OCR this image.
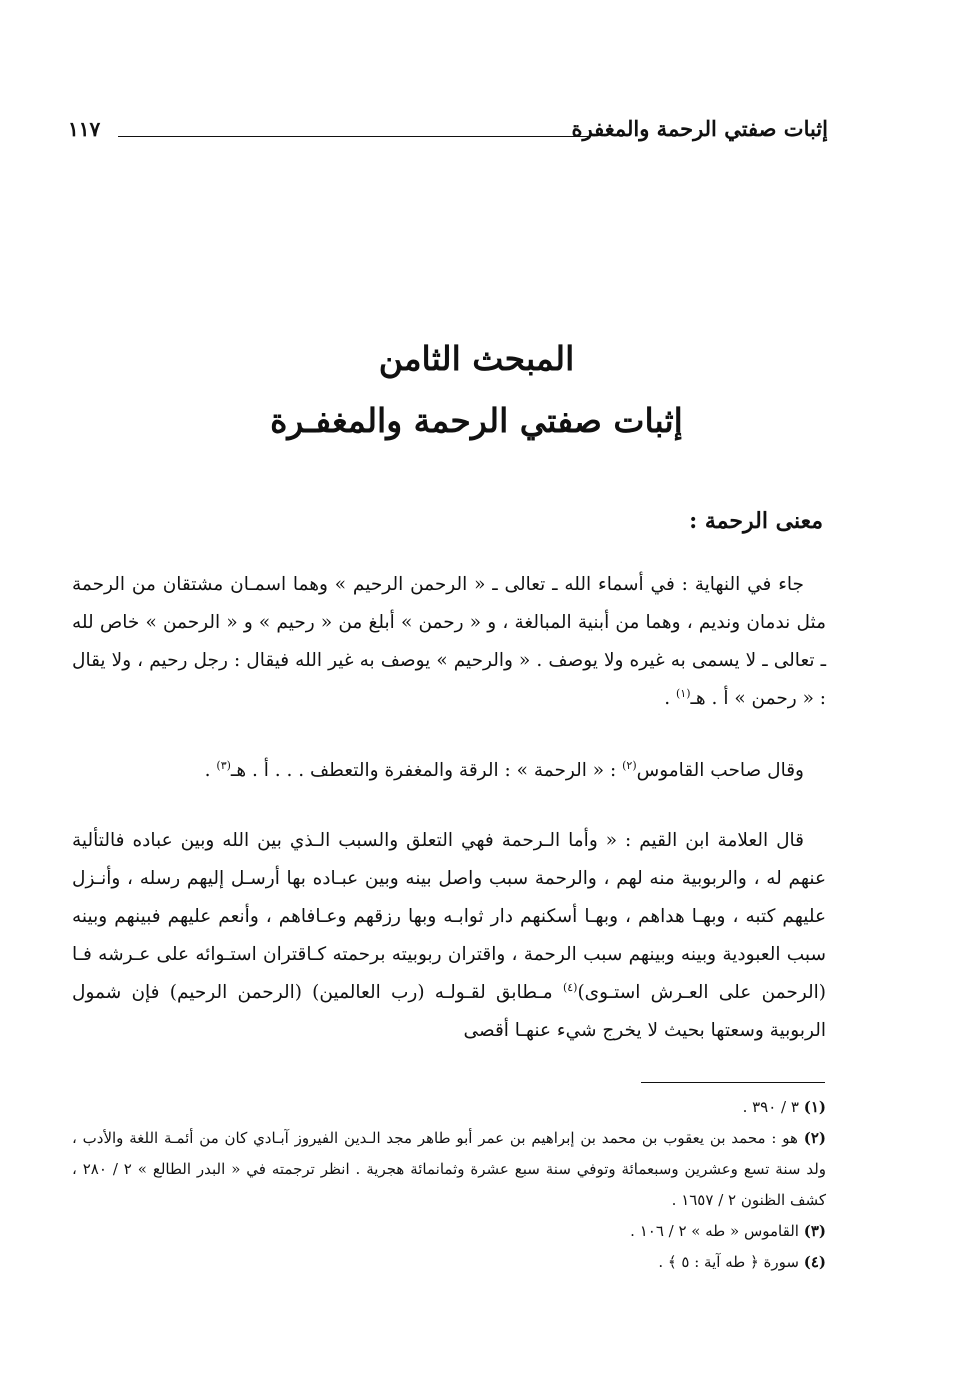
إثبات صفتي الرحمة والمغفرة
١١٧
المبحث الثامن
إثبات صفتي الرحمة والمغفـرة
معنى الرحمة :

جاء في النهاية : في أسماء الله ـ تعالى ـ « الرحمن الرحيم » وهما اسمـان مشتقان من الرحمة مثل ندمان ونديم ، وهما من أبنية المبالغة ، و « رحمن » أبلغ من « رحيم » و « الرحمن » خاص لله ـ تعالى ـ لا يسمى به غيره ولا يوصف . « والرحيم » يوصف به غير الله فيقال : رجل رحيم ، ولا يقال : « رحمن » أ . هـ$^{(١)}$ .

وقال صاحب القاموس$^{(٢)}$ : « الرحمة » : الرقة والمغفرة والتعطف . . . أ . هـ$^{(٣)}$ .

قال العلامة ابن القيم : « وأما الـرحمة فهي التعلق والسبب الـذي بين الله وبين عباده فالتألية عنهم له ، والربوبية منه لهم ، والرحمة سبب واصل بينه وبين عبـاده بها أرسـل إليهم رسله ، وأنـزل عليهم كتبه ، وبهـا هداهم ، وبهـا أسكنهم دار ثوابـه وبها رزقهم وعـافاهم ، وأنعم عليهم فبينهم وبينه سبب العبودية وبينه وبينهم سبب الرحمة ، واقتران ربوبيته برحمته كـاقتران استـوائه على عـرشه فـا (الرحمن على العـرش استـوى)$^{(٤)}$ مـطابق لقـولـه (رب العالمين) (الرحمن الرحيم) فإن شمول الربوبية وسعتها بحيث لا يخرج شيء عنهـا أقصى

(١) ٣ / ٣٩٠ .
(٢) هو : محمد بن يعقوب بن محمد بن إبراهيم بن عمر أبو طاهر مجد الـدين الفيروز آبـادي كان من أئمـة اللغة والأدب ، ولد سنة تسع وعشرين وسبعمائة وتوفي سنة سبع عشرة وثمانمائة هجرية . انظر ترجمته في « البدر الطالع » ٢ / ٢٨٠ ، كشف الظنون ٢ / ١٦٥٧ .
(٣) القاموس « طه » ٢ / ١٠٦ .
(٤) سورة ﴿ طه آية : ٥ ﴾ .
